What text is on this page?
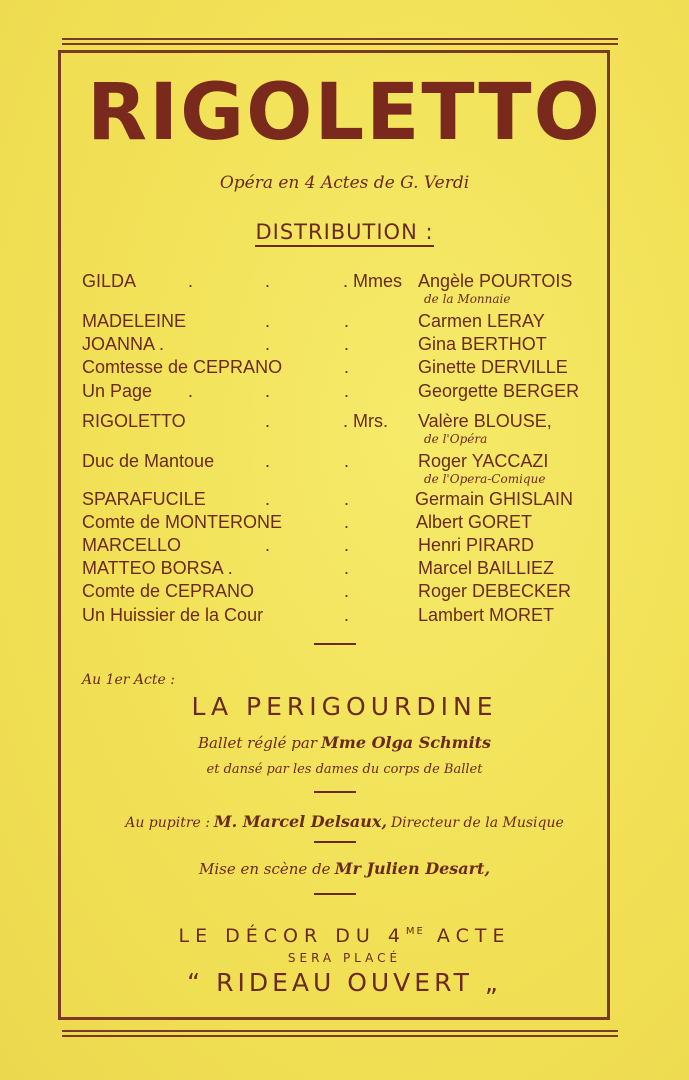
RIGOLETTO
Opéra en 4 Actes de G. Verdi
DISTRIBUTION :
GILDA	.	.	. Mmes Angèle POURTOIS
de la Monnaie
MADELEINE	.	.	Carmen LERAY
JOANNA .	.	.	Gina BERTHOT
Comtesse de CEPRANO	.	Ginette DERVILLE
Un Page .	.	.	Georgette BERGER
RIGOLETTO	.	. Mrs. Valère BLOUSE,
de l'Opéra
Duc de Mantoue	.	.	Roger YACCAZI
de l'Opera-Comique
SPARAFUCILE	.	.	Germain GHISLAIN
Comte de MONTERONE	.	Albert GORET
MARCELLO	.	.	Henri PIRARD
MATTEO BORSA .	.	Marcel BAILLIEZ
Comte de CEPRANO	.	Roger DEBECKER
Un Huissier de la Cour	.	Lambert MORET
Au 1er Acte :
LA PERIGOURDINE
Ballet réglé par Mme Olga Schmits
et dansé par les dames du corps de Ballet
Au pupitre : M. Marcel Delsaux, Directeur de la Musique
Mise en scène de Mr Julien Desart,
LE DÉCOR DU $4^{ME}$ ACTE
SERA PLACÉ
“ RIDEAU OUVERT „
